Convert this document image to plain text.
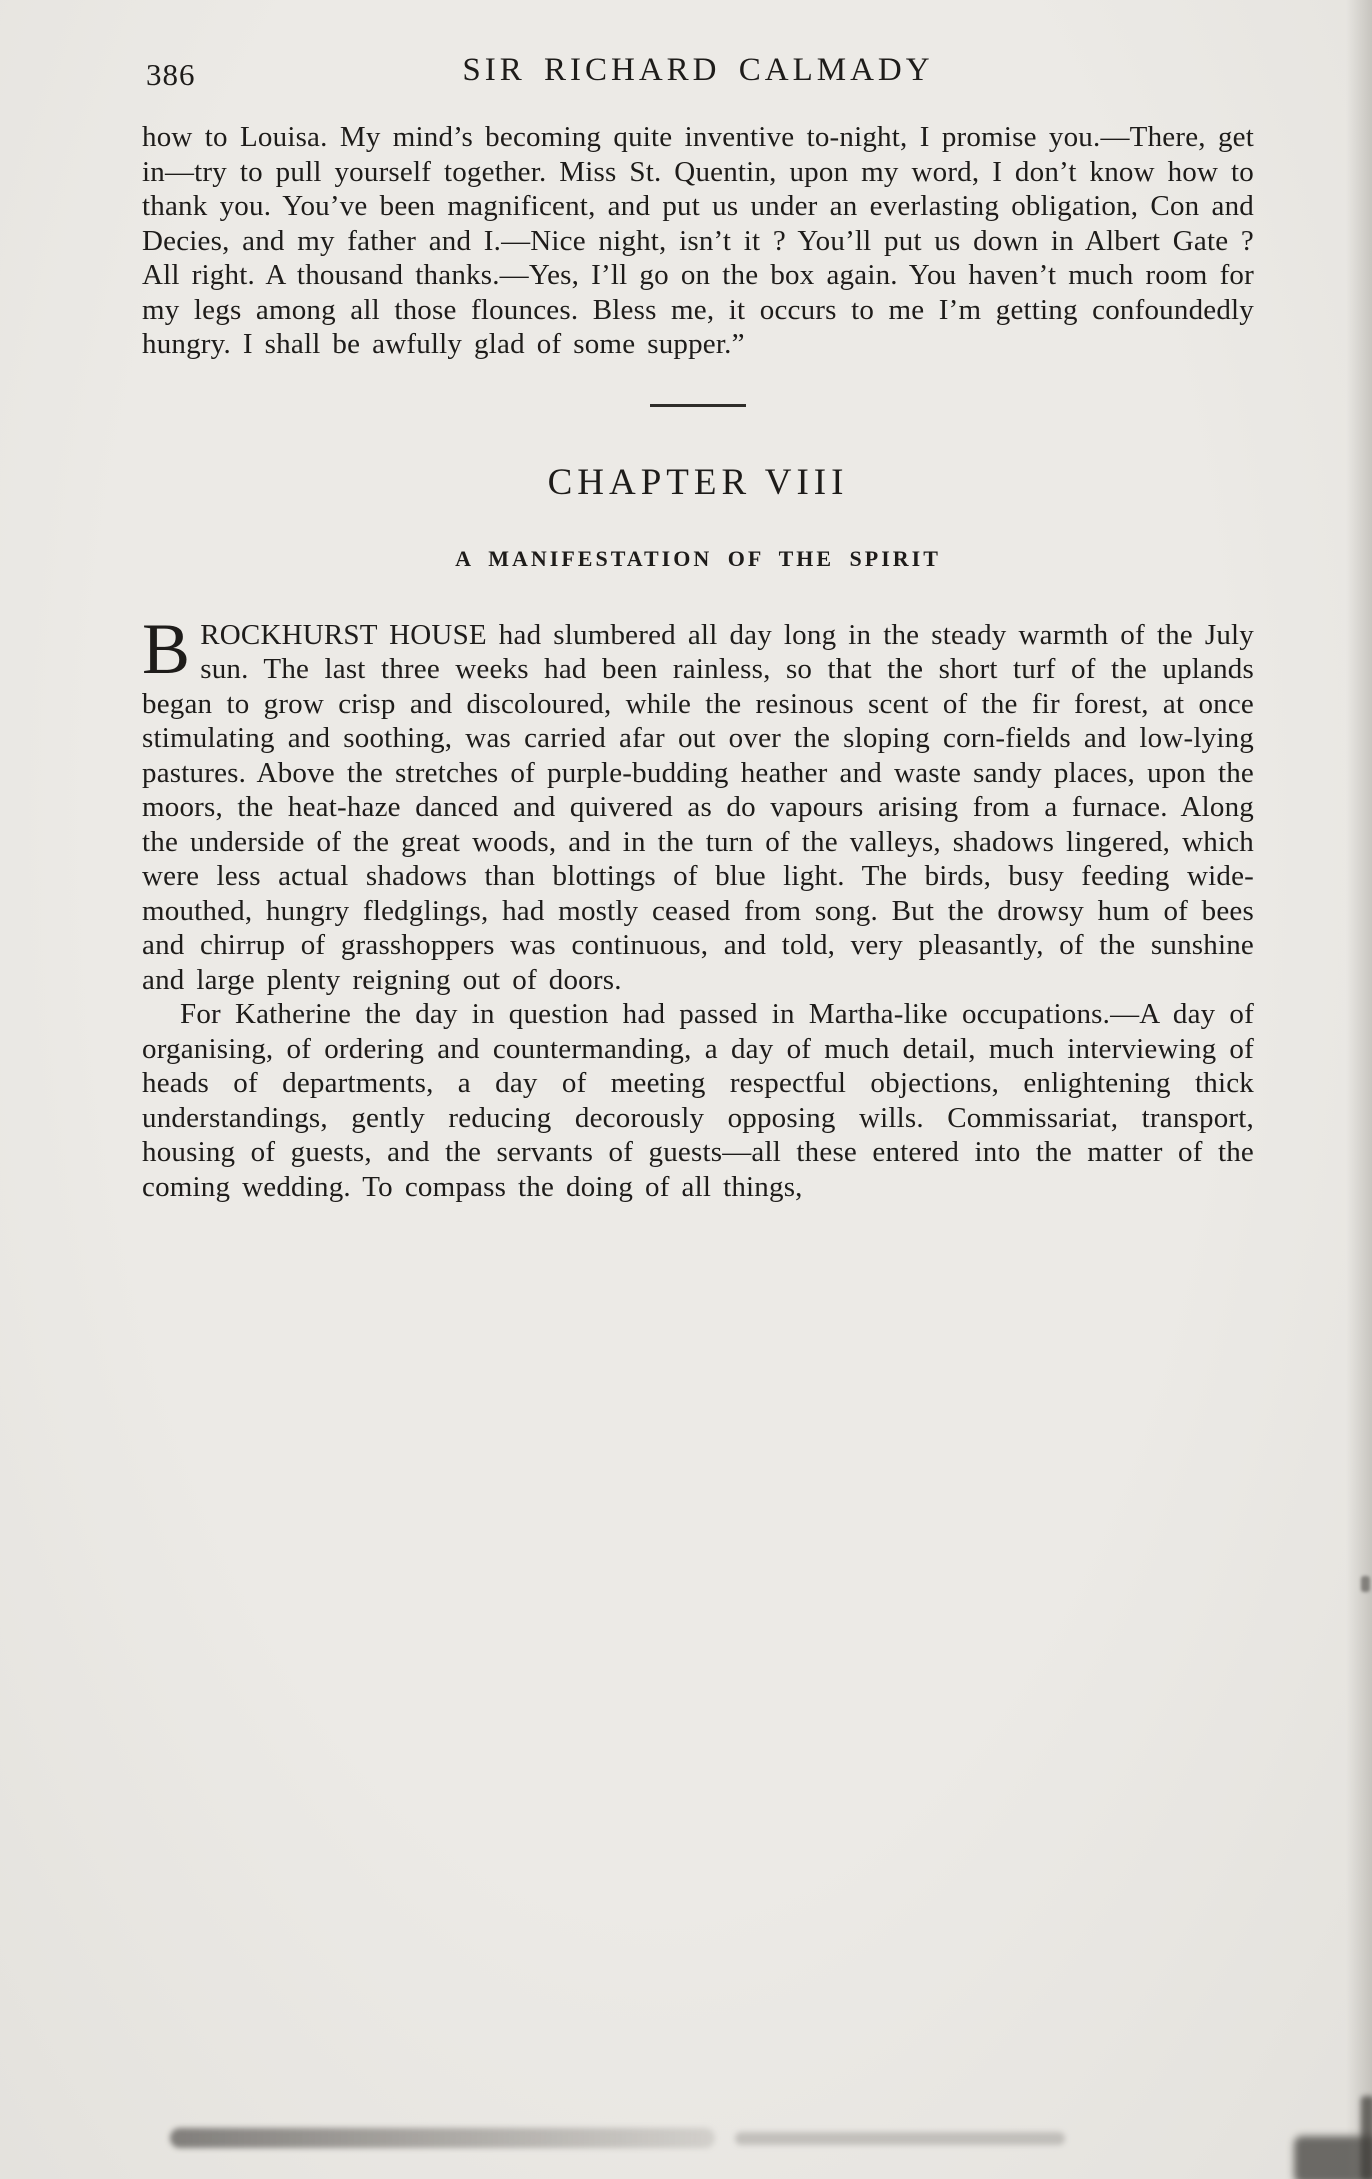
386	SIR RICHARD CALMADY

how to Louisa. My mind’s becoming quite inventive to-night, I promise you.—There, get in—try to pull yourself together. Miss St. Quentin, upon my word, I don’t know how to thank you. You’ve been magnificent, and put us under an everlasting obligation, Con and Decies, and my father and I.—Nice night, isn’t it ? You’ll put us down in Albert Gate ? All right. A thousand thanks.—Yes, I’ll go on the box again. You haven’t much room for my legs among all those flounces. Bless me, it occurs to me I’m getting confoundedly hungry. I shall be awfully glad of some supper.”

CHAPTER VIII
A MANIFESTATION OF THE SPIRIT

BROCKHURST HOUSE had slumbered all day long in the steady warmth of the July sun. The last three weeks had been rainless, so that the short turf of the uplands began to grow crisp and discoloured, while the resinous scent of the fir forest, at once stimulating and soothing, was carried afar out over the sloping corn-fields and low-lying pastures. Above the stretches of purple-budding heather and waste sandy places, upon the moors, the heat-haze danced and quivered as do vapours arising from a furnace. Along the underside of the great woods, and in the turn of the valleys, shadows lingered, which were less actual shadows than blottings of blue light. The birds, busy feeding wide-mouthed, hungry fledglings, had mostly ceased from song. But the drowsy hum of bees and chirrup of grasshoppers was continuous, and told, very pleasantly, of the sunshine and large plenty reigning out of doors.

For Katherine the day in question had passed in Martha-like occupations.—A day of organising, of ordering and countermanding, a day of much detail, much interviewing of heads of departments, a day of meeting respectful objections, enlightening thick understandings, gently reducing decorously opposing wills. Commissariat, transport, housing of guests, and the servants of guests—all these entered into the matter of the coming wedding. To compass the doing of all things,
